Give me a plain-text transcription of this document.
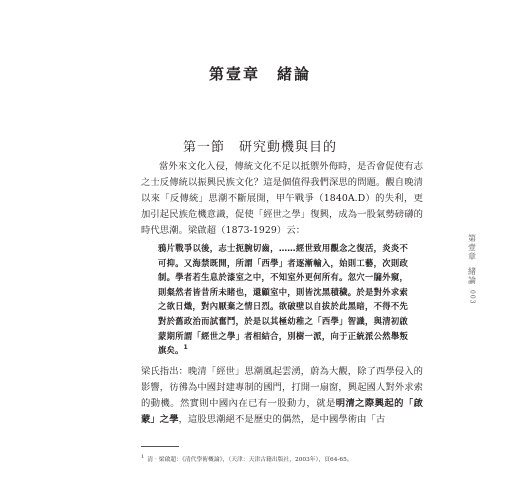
第壹章　緒論
第一節　研究動機與目的

當外來文化入侵，傳統文化不足以抵禦外侮時，是否會促使有志之士反傳統以振興民族文化？這是個值得我們深思的問題。觀自晚清以來「反傳統」思潮不斷展開，甲午戰爭（1840A.D）的失利，更加引起民族危機意識，促使「經世之學」復興，成為一股氣勢磅礴的時代思潮。梁啟超（1873-1929）云：

鴉片戰爭以後，志士扼腕切齒，……經世致用觀念之復活，炎炎不可抑。又海禁既開，所謂「西學」者逐漸輸入，始則工藝，次則政制。學者若生息於漆室之中，不知室外更何所有。忽穴一牖外窺，則粲然者皆昔所未睹也，還顧室中，則皆沈黑積穢。於是對外求索之欲日熾，對內厭棄之情日烈。欲破壁以自拔於此黑暗，不得不先對於舊政治而試奮鬥，於是以其極幼稚之「西學」智識，與清初啟蒙期所謂「經世之學」者相結合，別樹一派，向于正統派公然舉叛旗矣。$^1$

梁氏指出：晚清「經世」思潮風起雲湧，蔚為大觀，除了西學侵入的影響，彷彿為中國封建專制的國門，打開一扇窗，興起國人對外求索的動機。然實則中國內在已有一股動力，就是明清之際興起的「啟蒙」之學，這股思潮絕不是歷史的偶然，是中國學術由「古

第壹章
緒論
003
$^1$ 清‧梁啟超：《清代學術概論》，（天津：天津古籍出版社，2003年），頁64-65。
